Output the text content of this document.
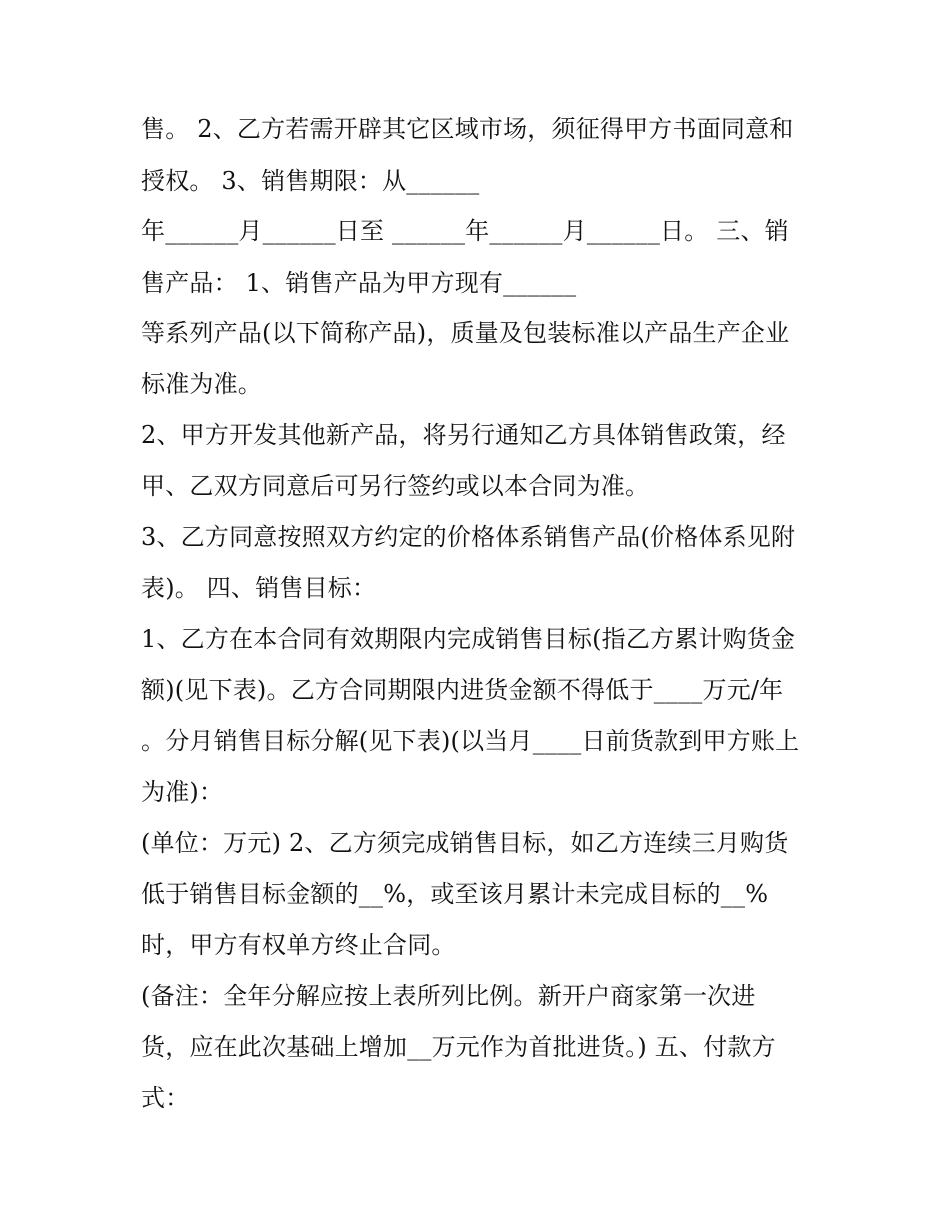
售。 2、乙方若需开辟其它区域市场，须征得甲方书面同意和
授权。 3、销售期限：从______
年______月______日至 ______年______月______日。 三、销
售产品： 1、销售产品为甲方现有______
等系列产品(以下简称产品)，质量及包装标准以产品生产企业
标准为准。
2、甲方开发其他新产品，将另行通知乙方具体销售政策，经
甲、乙双方同意后可另行签约或以本合同为准。
3、乙方同意按照双方约定的价格体系销售产品(价格体系见附
表)。 四、销售目标：
1、乙方在本合同有效期限内完成销售目标(指乙方累计购货金
额)(见下表)。乙方合同期限内进货金额不得低于____万元/年
。分月销售目标分解(见下表)(以当月____日前货款到甲方账上
为准)：
(单位：万元) 2、乙方须完成销售目标，如乙方连续三月购货
低于销售目标金额的__%，或至该月累计未完成目标的__%
时，甲方有权单方终止合同。
(备注：全年分解应按上表所列比例。新开户商家第一次进
货，应在此次基础上增加__万元作为首批进货。) 五、付款方
式：
